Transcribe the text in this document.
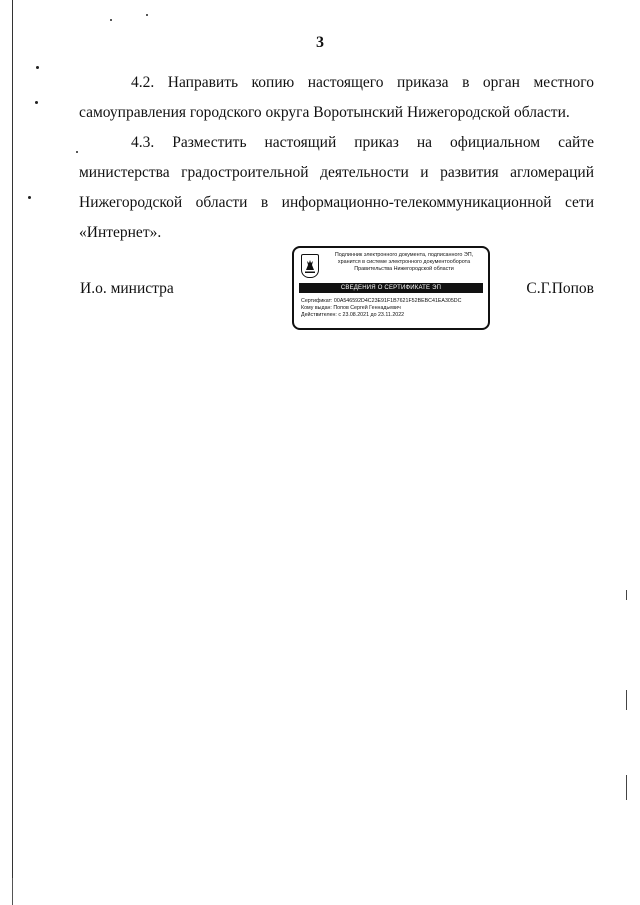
3

4.2. Направить копию настоящего приказа в орган местного самоуправления городского округа Воротынский Нижегородской области.

4.3. Разместить настоящий приказ на официальном сайте министерства градостроительной деятельности и развития агломераций Нижегородской области в информационно-телекоммуникационной сети «Интернет».

И.о. министра	С.Г.Попов
Подлинник электронного документа, подписанного ЭП,
хранится в системе электронного документооборота
Правительства Нижегородской области
СВЕДЕНИЯ О СЕРТИФИКАТЕ ЭП
Сертификат: 00A546592D4C23E91F1B7621F52BEBC41EA305DC
Кому выдан: Попов Сергей Геннадьевич
Действителен: с 23.08.2021 до 23.11.2022
